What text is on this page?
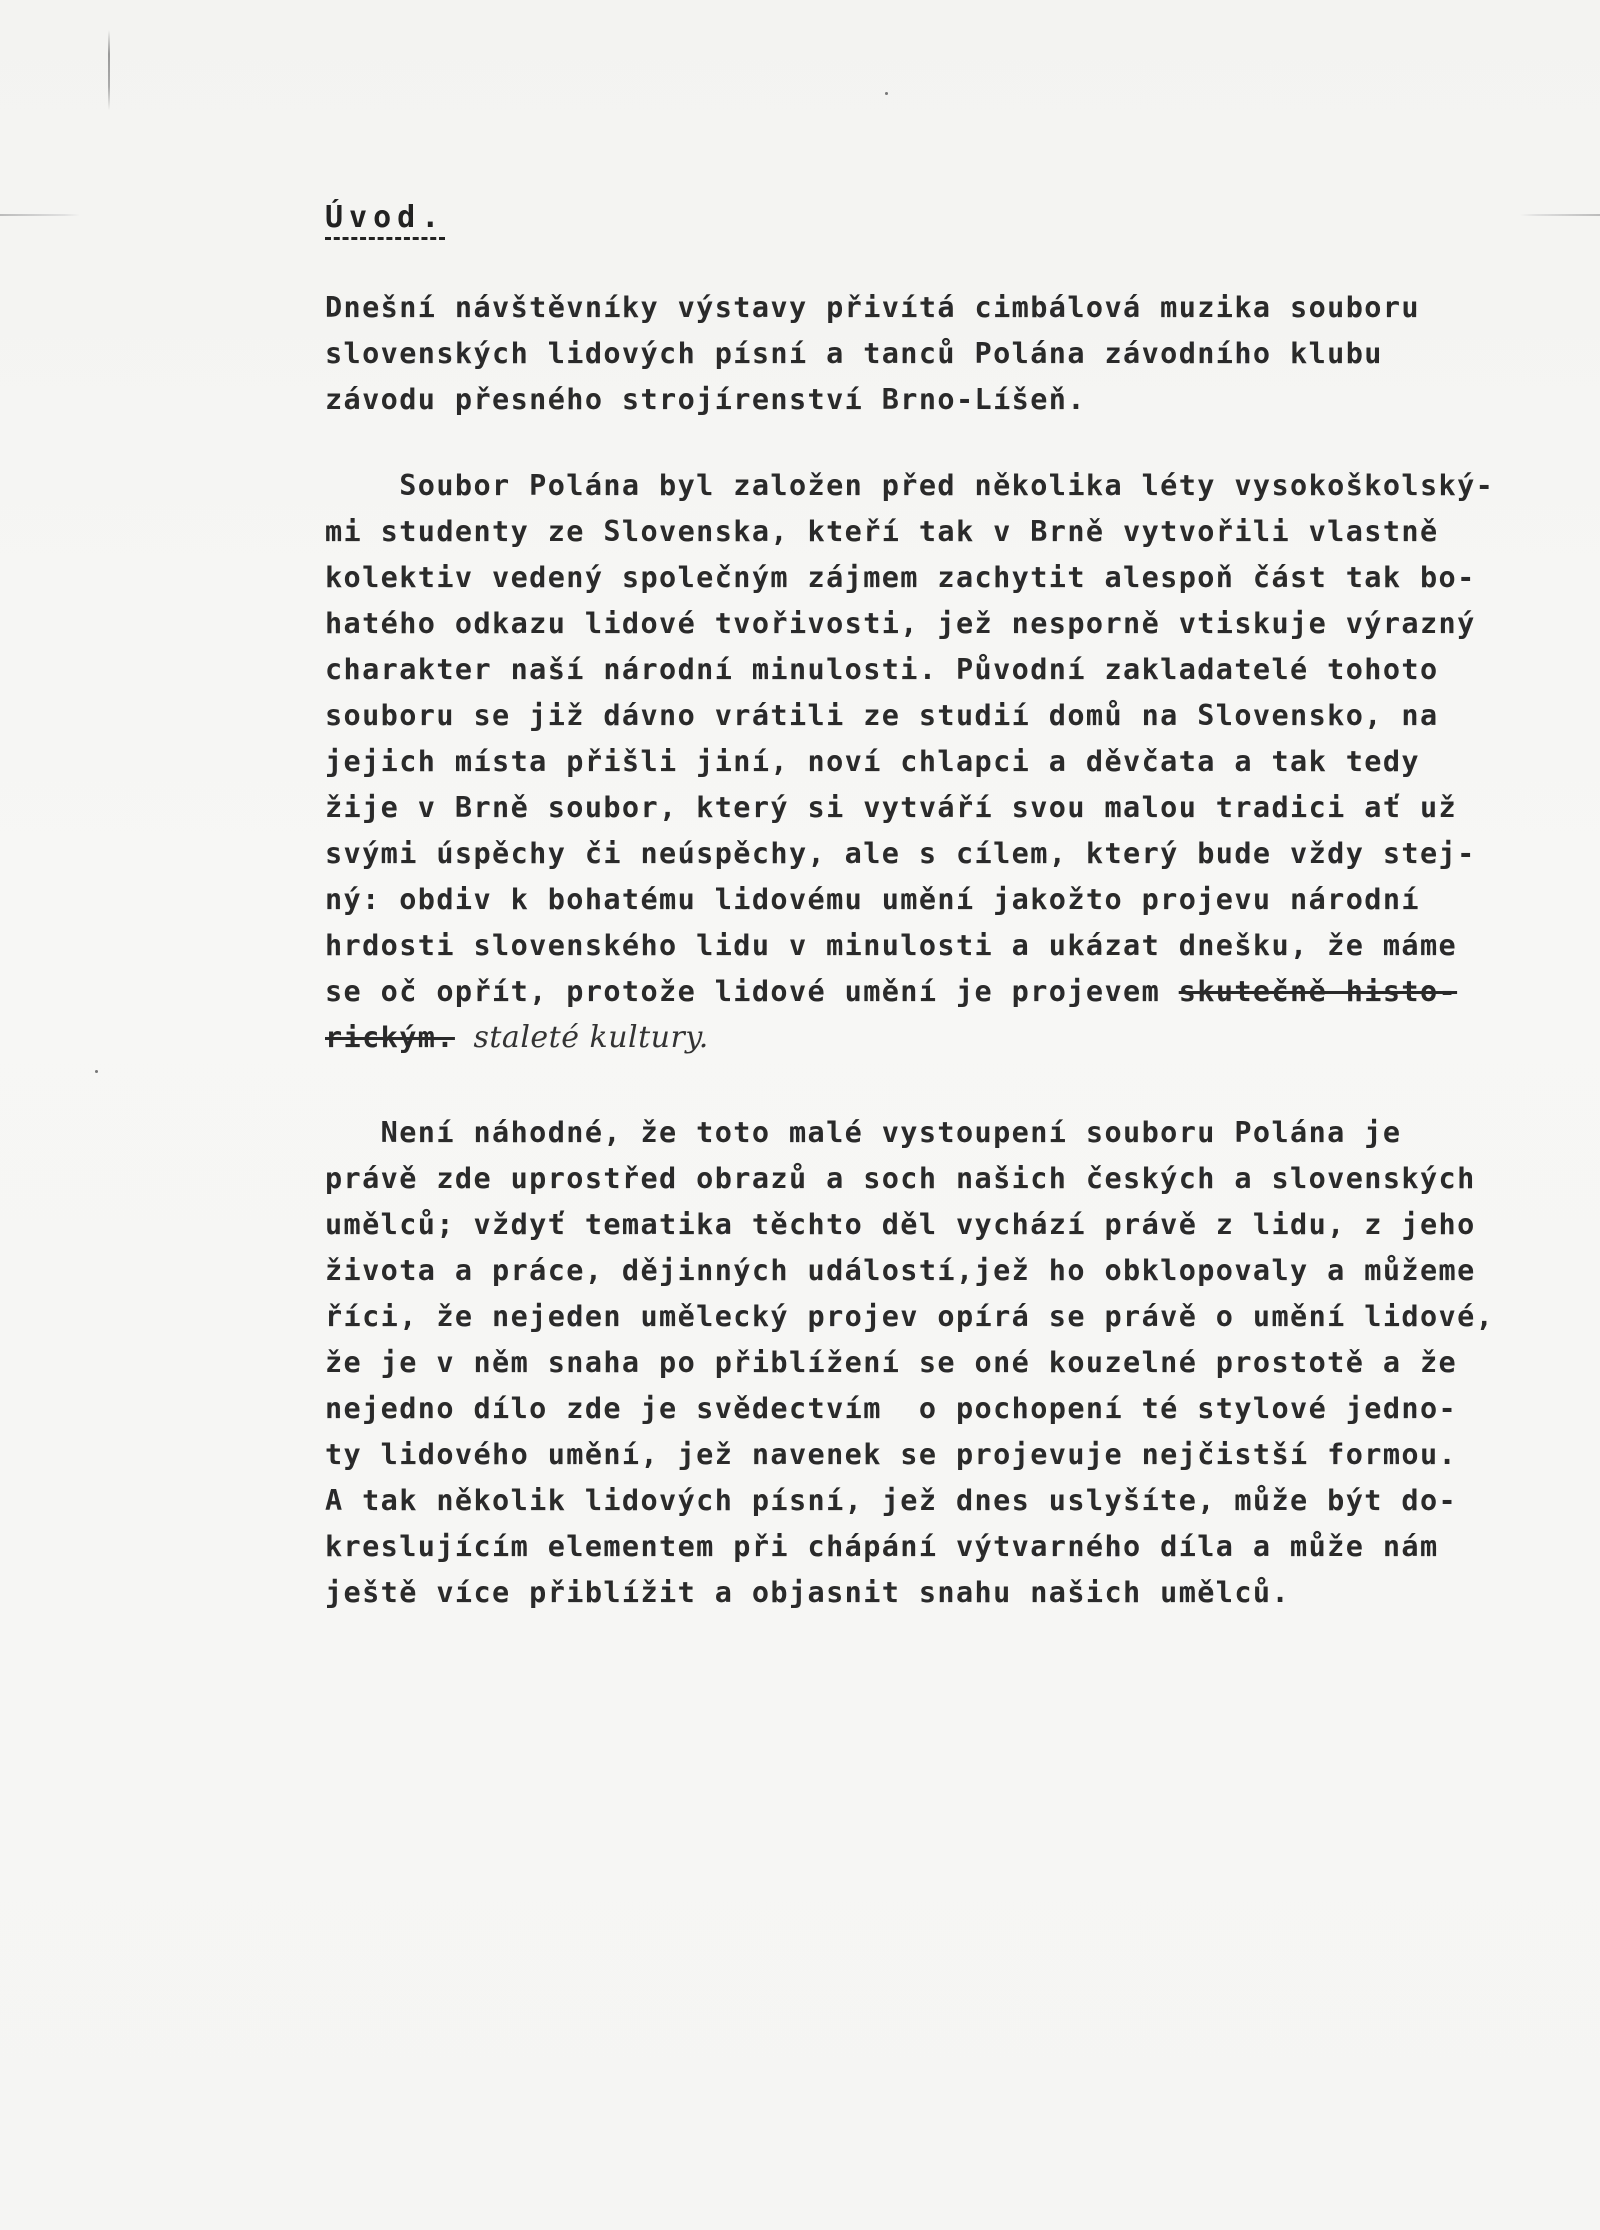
Úvod.
Dnešní návštěvníky výstavy přivítá cimbálová muzika souboru
slovenských lidových písní a tanců Polána závodního klubu
závodu přesného strojírenství Brno-Líšeň.
Soubor Polána byl založen před několika léty vysokoškolský-
mi studenty ze Slovenska, kteří tak v Brně vytvořili vlastně
kolektiv vedený společným zájmem zachytit alespoň část tak bo-
hatého odkazu lidové tvořivosti, jež nesporně vtiskuje výrazný
charakter naší národní minulosti. Původní zakladatelé tohoto
souboru se již dávno vrátili ze studií domů na Slovensko, na
jejich místa přišli jiní, noví chlapci a děvčata a tak tedy
žije v Brně soubor, který si vytváří svou malou tradici ať už
svými úspěchy či neúspěchy, ale s cílem, který bude vždy stej-
ný: obdiv k bohatému lidovému umění jakožto projevu národní
hrdosti slovenského lidu v minulosti a ukázat dnešku, že máme
se oč opřít, protože lidové umění je projevem skutečně histo-
rickým. staleté kultury.
Není náhodné, že toto malé vystoupení souboru Polána je
právě zde uprostřed obrazů a soch našich českých a slovenských
umělců; vždyť tematika těchto děl vychází právě z lidu, z jeho
života a práce, dějinných událostí,jež ho obklopovaly a můžeme
říci, že nejeden umělecký projev opírá se právě o umění lidové,
že je v něm snaha po přiblížení se oné kouzelné prostotě a že
nejedno dílo zde je svědectvím  o pochopení té stylové jedno-
ty lidového umění, jež navenek se projevuje nejčistší formou.
A tak několik lidových písní, jež dnes uslyšíte, může být do-
kreslujícím elementem při chápání výtvarného díla a může nám
ještě více přiblížit a objasnit snahu našich umělců.
